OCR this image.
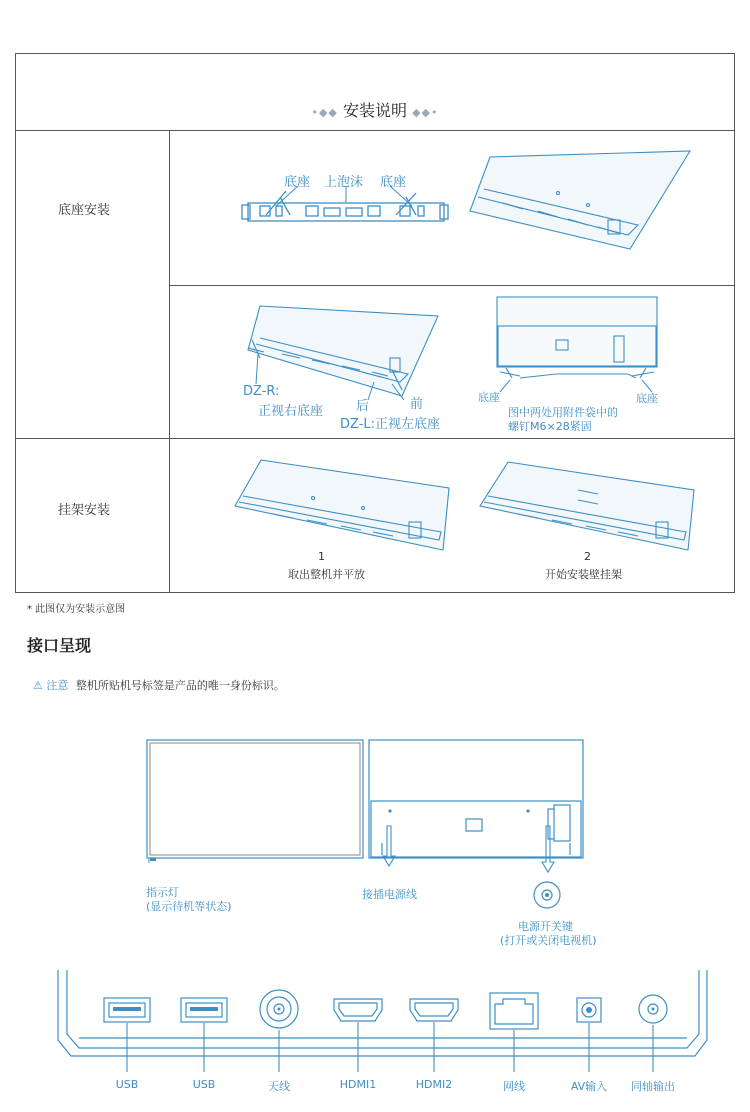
•◆◆ 安装说明 ◆◆•
底座安装
挂架安装
底座 上泡沫 底座
DZ-R:
正视右底座	后	前
DZ-L:正视左底座
底座	底座
图中两处用附件袋中的
螺钉M6×28紧固
1
取出整机并平放
2
开始安装壁挂架
* 此图仅为安装示意图
接口呈现
⚠ 注意 整机所贴机号标签是产品的唯一身份标识。
指示灯
(显示待机等状态)
接插电源线
电源开关键
(打开或关闭电视机)
USB	USB	天线	HDMI1	HDMI2	网线	AV输入 同轴输出
